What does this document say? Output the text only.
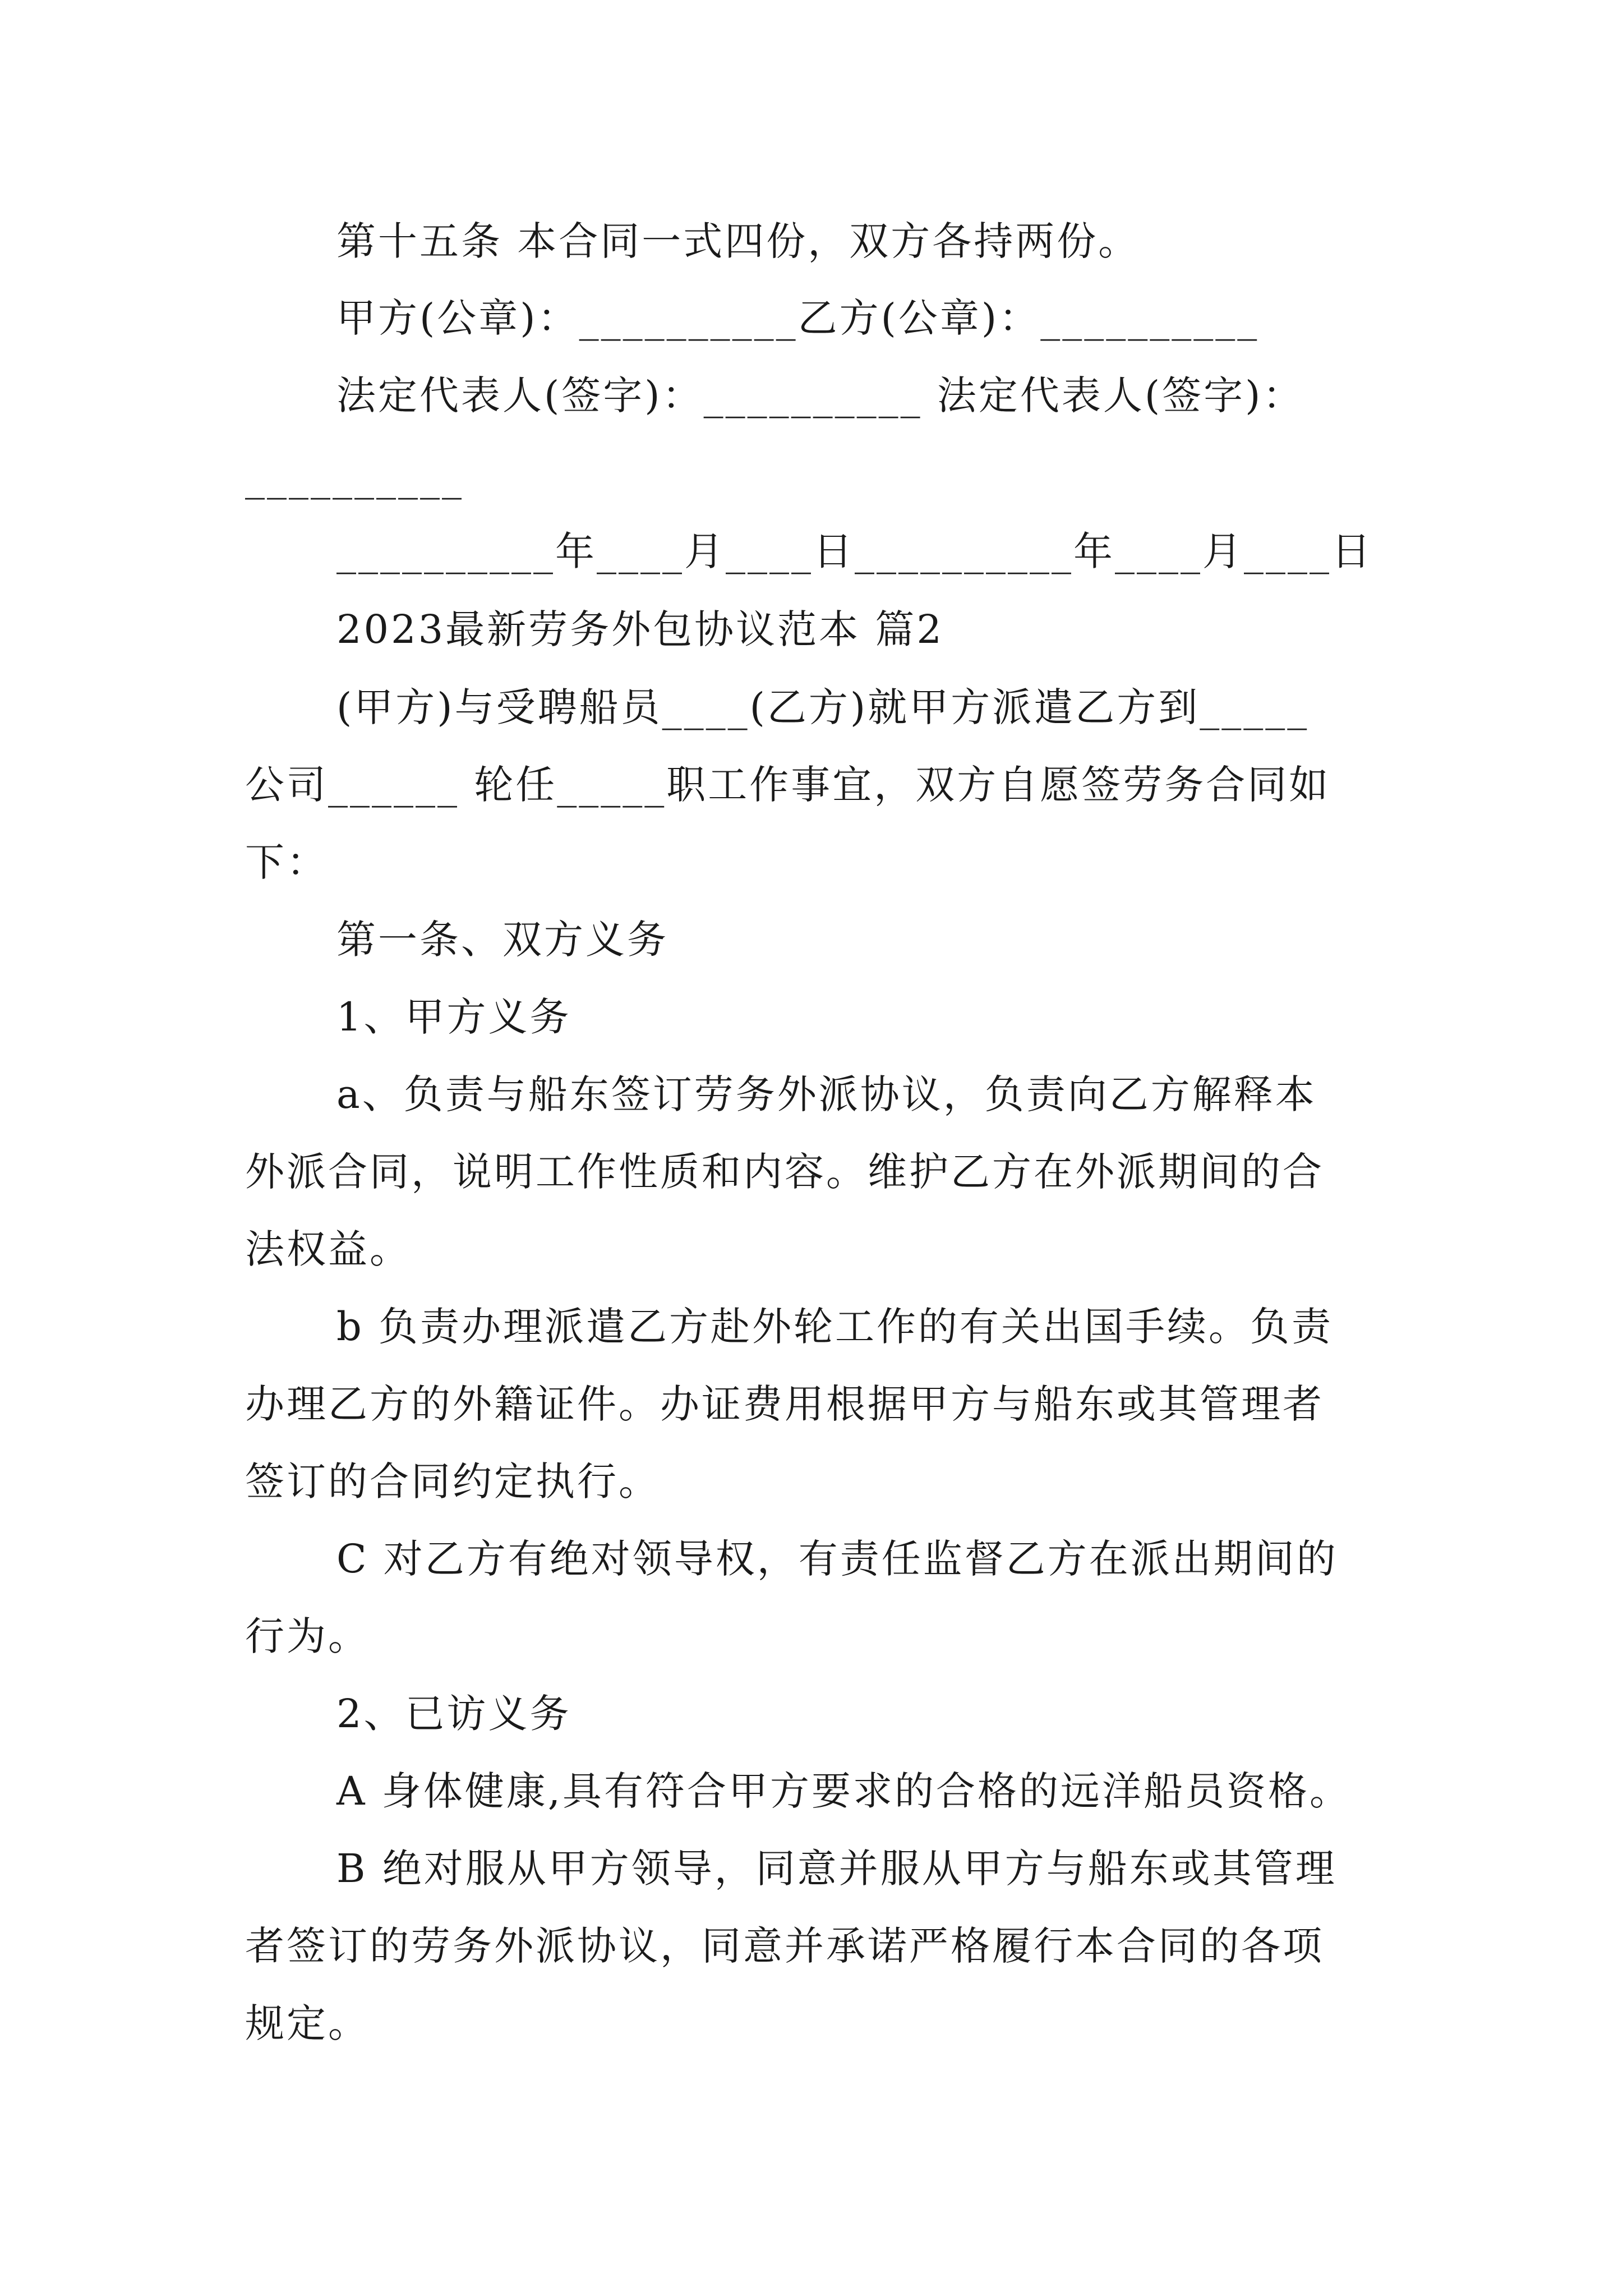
第十五条 本合同一式四份，双方各持两份。
甲方(公章)：__________乙方(公章)：__________
法定代表人(签字)：__________ 法定代表人(签字)：
__________
__________年____月____日__________年____月____日
2023最新劳务外包协议范本 篇2
(甲方)与受聘船员____(乙方)就甲方派遣乙方到_____
公司______ 轮任_____职工作事宜，双方自愿签劳务合同如
下：
第一条、双方义务
1、甲方义务
a、负责与船东签订劳务外派协议，负责向乙方解释本
外派合同，说明工作性质和内容。维护乙方在外派期间的合
法权益。
b 负责办理派遣乙方赴外轮工作的有关出国手续。负责
办理乙方的外籍证件。办证费用根据甲方与船东或其管理者
签订的合同约定执行。
C 对乙方有绝对领导权，有责任监督乙方在派出期间的
行为。
2、已访义务
A 身体健康,具有符合甲方要求的合格的远洋船员资格。
B 绝对服从甲方领导，同意并服从甲方与船东或其管理
者签订的劳务外派协议，同意并承诺严格履行本合同的各项
规定。
